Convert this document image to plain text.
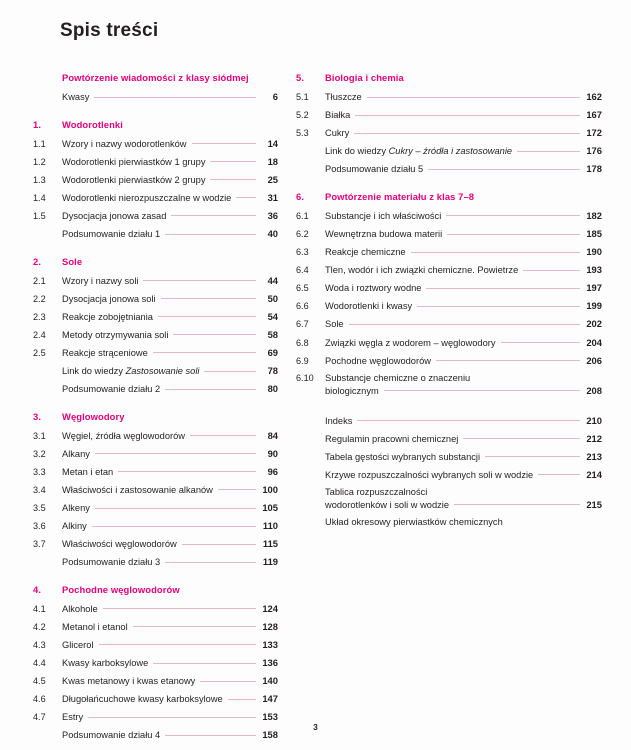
Spis treści
Powtórzenie wiadomości z klasy siódmej
Kwasy	6
1.	Wodorotlenki
1.1	Wzory i nazwy wodorotlenków	14
1.2	Wodorotlenki pierwiastków 1 grupy	18
1.3	Wodorotlenki pierwiastków 2 grupy	25
1.4	Wodorotlenki nierozpuszczalne w wodzie	31
1.5	Dysocjacja jonowa zasad	36
Podsumowanie działu 1	40
2.	Sole
2.1	Wzory i nazwy soli	44
2.2	Dysocjacja jonowa soli	50
2.3	Reakcje zobojętniania	54
2.4	Metody otrzymywania soli	58
2.5	Reakcje strąceniowe	69
Link do wiedzy Zastosowanie soli	78
Podsumowanie działu 2	80
3.	Węglowodory
3.1	Węgiel, źródła węglowodorów	84
3.2	Alkany	90
3.3	Metan i etan	96
3.4	Właściwości i zastosowanie alkanów	100
3.5	Alkeny	105
3.6	Alkiny	110
3.7	Właściwości węglowodorów	115
Podsumowanie działu 3	119
4.	Pochodne węglowodorów
4.1	Alkohole	124
4.2	Metanol i etanol	128
4.3	Glicerol	133
4.4	Kwasy karboksylowe	136
4.5	Kwas metanowy i kwas etanowy	140
4.6	Długołańcuchowe kwasy karboksylowe	147
4.7	Estry	153
Podsumowanie działu 4	158
5.	Biologia i chemia
5.1	Tłuszcze	162
5.2	Białka	167
5.3	Cukry	172
Link do wiedzy Cukry – źródła i zastosowanie	176
Podsumowanie działu 5	178
6.	Powtórzenie materiału z klas 7–8
6.1	Substancje i ich właściwości	182
6.2	Wewnętrzna budowa materii	185
6.3	Reakcje chemiczne	190
6.4	Tlen, wodór i ich związki chemiczne. Powietrze	193
6.5	Woda i roztwory wodne	197
6.6	Wodorotlenki i kwasy	199
6.7	Sole	202
6.8	Związki węgla z wodorem – węglowodory	204
6.9	Pochodne węglowodorów	206
6.10	Substancje chemiczne o znaczeniu
biologicznym	208
Indeks	210
Regulamin pracowni chemicznej	212
Tabela gęstości wybranych substancji	213
Krzywe rozpuszczalności wybranych soli w wodzie	214
Tablica rozpuszczalności
wodorotlenków i soli w wodzie	215
Układ okresowy pierwiastków chemicznych
3
